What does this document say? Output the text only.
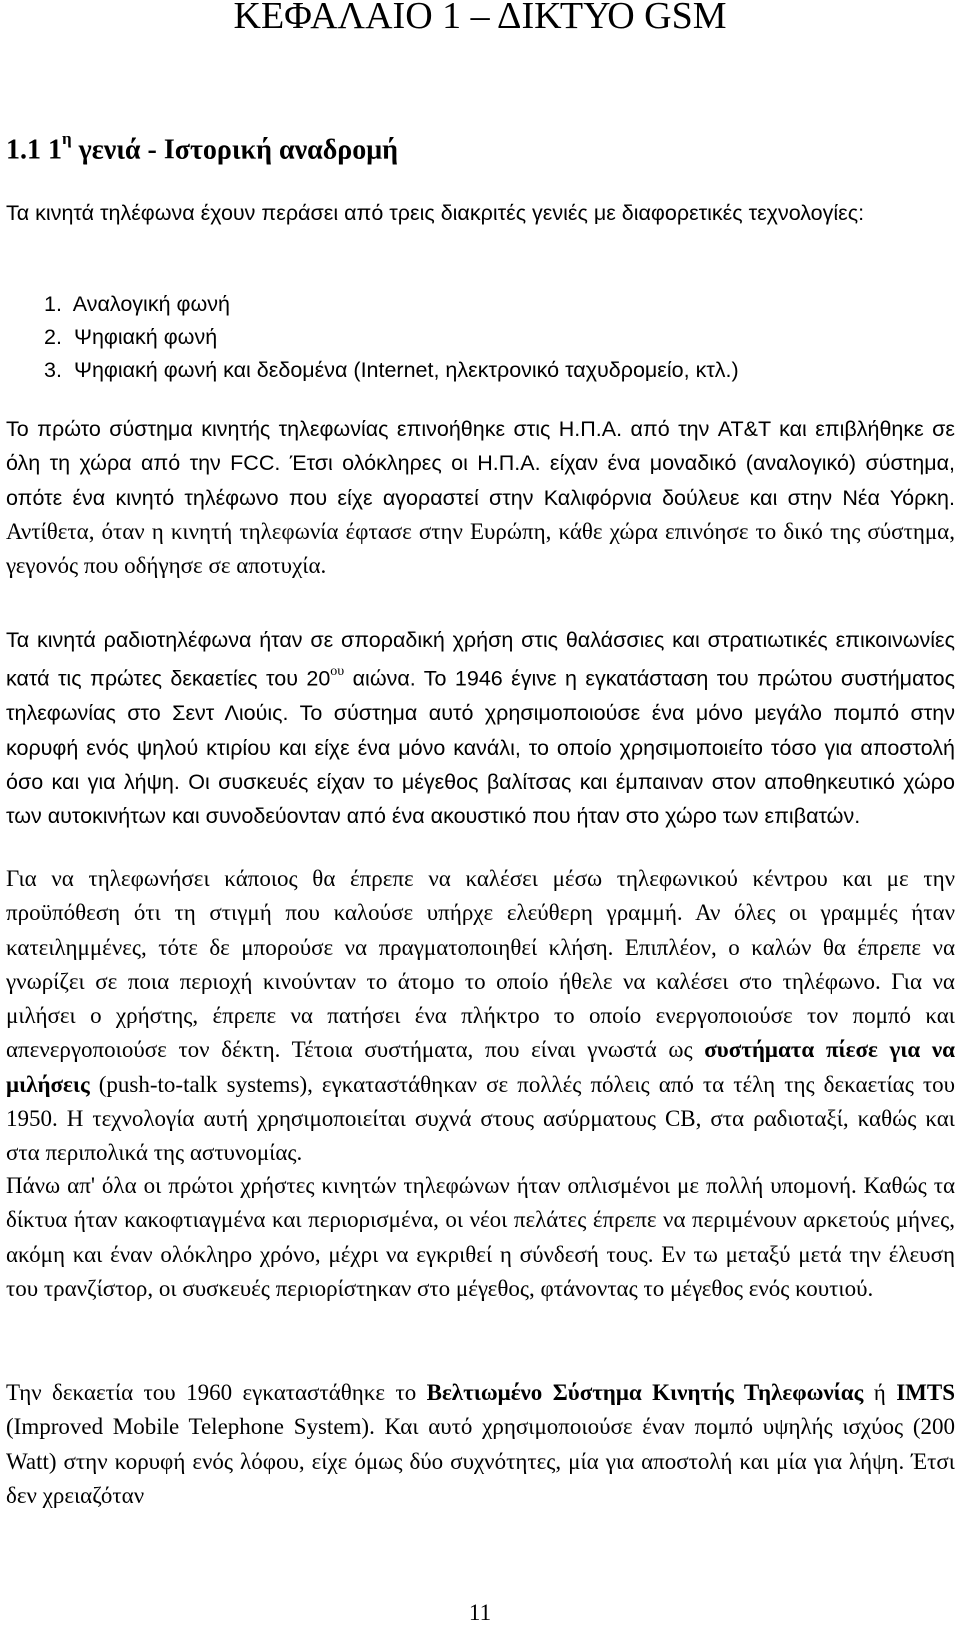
ΚΕΦΑΛΑΙΟ 1 – ΔΙΚΤΥΟ GSM
1.1 $1^\eta$ γενιά - Ιστορική αναδρομή

Τα κινητά τηλέφωνα έχουν περάσει από τρεις διακριτές γενιές με διαφορετικές τεχνολογίες:

1. Αναλογική φωνή
2. Ψηφιακή φωνή
3. Ψηφιακή φωνή και δεδομένα (Internet, ηλεκτρονικό ταχυδρομείο, κτλ.)

Το πρώτο σύστημα κινητής τηλεφωνίας επινοήθηκε στις Η.Π.Α. από την AT&T και επιβλήθηκε σε όλη τη χώρα από την FCC. Έτσι ολόκληρες οι Η.Π.Α. είχαν ένα μοναδικό (αναλογικό) σύστημα, οπότε ένα κινητό τηλέφωνο που είχε αγοραστεί στην Καλιφόρνια δούλευε και στην Νέα Υόρκη. Αντίθετα, όταν η κινητή τηλεφωνία έφτασε στην Ευρώπη, κάθε χώρα επινόησε το δικό της σύστημα, γεγονός που οδήγησε σε αποτυχία.

Τα κινητά ραδιοτηλέφωνα ήταν σε σποραδική χρήση στις θαλάσσιες και στρατιωτικές επικοινωνίες κατά τις πρώτες δεκαετίες του $20^{o\upsilon}$ αιώνα. Το 1946 έγινε η εγκατάσταση του πρώτου συστήματος τηλεφωνίας στο Σεντ Λιούις. Το σύστημα αυτό χρησιμοποιούσε ένα μόνο μεγάλο πομπό στην κορυφή ενός ψηλού κτιρίου και είχε ένα μόνο κανάλι, το οποίο χρησιμοποιείτο τόσο για αποστολή όσο και για λήψη. Οι συσκευές είχαν το μέγεθος βαλίτσας και έμπαιναν στον αποθηκευτικό χώρο των αυτοκινήτων και συνοδεύονταν από ένα ακουστικό που ήταν στο χώρο των επιβατών.

Για να τηλεφωνήσει κάποιος θα έπρεπε να καλέσει μέσω τηλεφωνικού κέντρου και με την προϋπόθεση ότι τη στιγμή που καλούσε υπήρχε ελεύθερη γραμμή. Αν όλες οι γραμμές ήταν κατειλημμένες, τότε δε μπορούσε να πραγματοποιηθεί κλήση. Επιπλέον, ο καλών θα έπρεπε να γνωρίζει σε ποια περιοχή κινούνταν το άτομο το οποίο ήθελε να καλέσει στο τηλέφωνο. Για να μιλήσει ο χρήστης, έπρεπε να πατήσει ένα πλήκτρο το οποίο ενεργοποιούσε τον πομπό και απενεργοποιούσε τον δέκτη. Τέτοια συστήματα, που είναι γνωστά ως συστήματα πίεσε για να μιλήσεις (push-to-talk systems), εγκαταστάθηκαν σε πολλές πόλεις από τα τέλη της δεκαετίας του 1950. Η τεχνολογία αυτή χρησιμοποιείται συχνά στους ασύρματους CB, στα ραδιοταξί, καθώς και στα περιπολικά της αστυνομίας.

Πάνω απ' όλα οι πρώτοι χρήστες κινητών τηλεφώνων ήταν οπλισμένοι με πολλή υπομονή. Καθώς τα δίκτυα ήταν κακοφτιαγμένα και περιορισμένα, οι νέοι πελάτες έπρεπε να περιμένουν αρκετούς μήνες, ακόμη και έναν ολόκληρο χρόνο, μέχρι να εγκριθεί η σύνδεσή τους. Εν τω μεταξύ μετά την έλευση του τρανζίστορ, οι συσκευές περιορίστηκαν στο μέγεθος, φτάνοντας το μέγεθος ενός κουτιού.

Την δεκαετία του 1960 εγκαταστάθηκε το Βελτιωμένο Σύστημα Κινητής Τηλεφωνίας ή IMTS (Improved Mobile Telephone System). Και αυτό χρησιμοποιούσε έναν πομπό υψηλής ισχύος (200 Watt) στην κορυφή ενός λόφου, είχε όμως δύο συχνότητες, μία για αποστολή και μία για λήψη. Έτσι δεν χρειαζόταν

11
